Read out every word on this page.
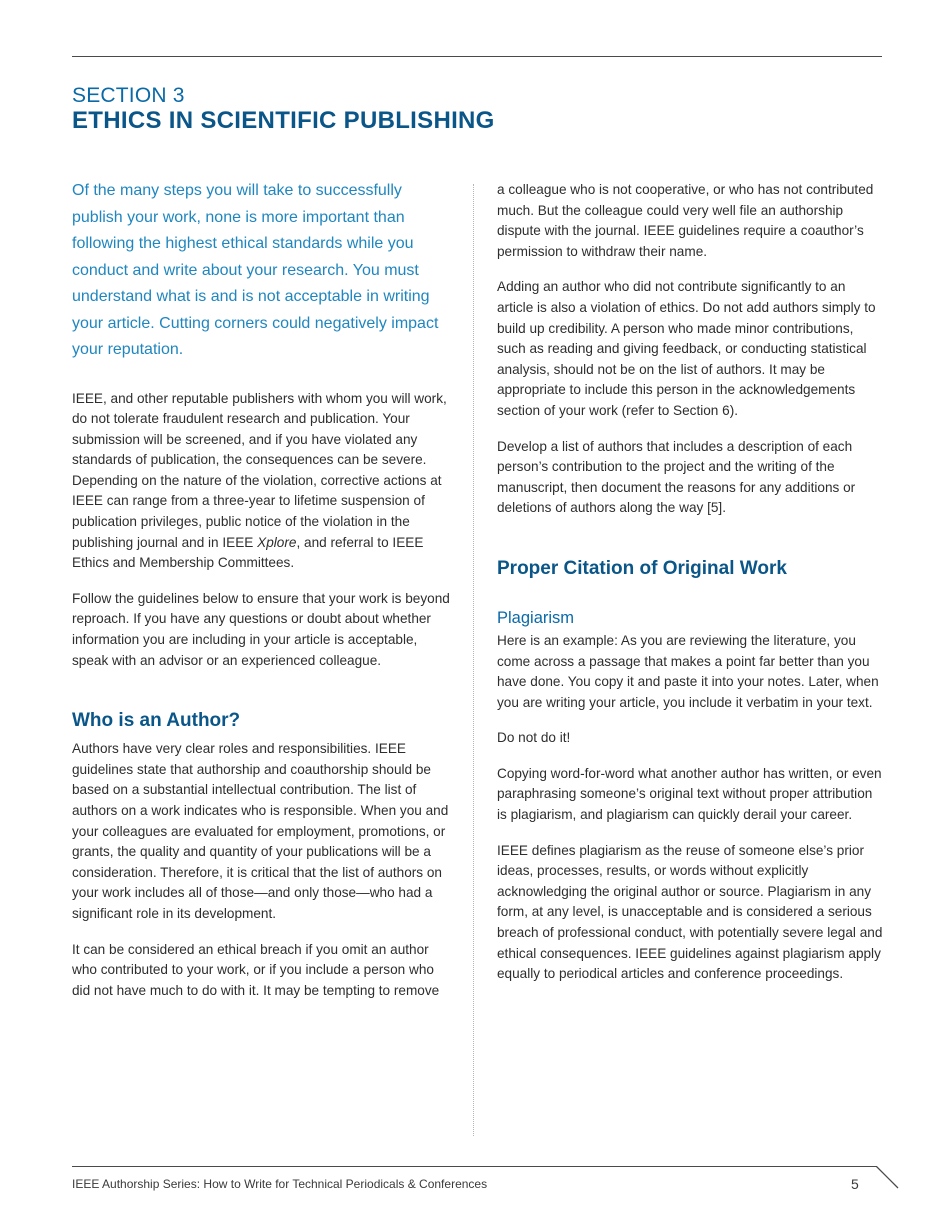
SECTION 3
ETHICS IN SCIENTIFIC PUBLISHING

Of the many steps you will take to successfully publish your work, none is more important than following the highest ethical standards while you conduct and write about your research. You must understand what is and is not acceptable in writing your article. Cutting corners could negatively impact your reputation.

IEEE, and other reputable publishers with whom you will work, do not tolerate fraudulent research and publication. Your submission will be screened, and if you have violated any standards of publication, the consequences can be severe. Depending on the nature of the violation, corrective actions at IEEE can range from a three-year to lifetime suspension of publication privileges, public notice of the violation in the publishing journal and in IEEE Xplore, and referral to IEEE Ethics and Membership Committees.

Follow the guidelines below to ensure that your work is beyond reproach. If you have any questions or doubt about whether information you are including in your article is acceptable, speak with an advisor or an experienced colleague.

Who is an Author?

Authors have very clear roles and responsibilities. IEEE guidelines state that authorship and coauthorship should be based on a substantial intellectual contribution. The list of authors on a work indicates who is responsible. When you and your colleagues are evaluated for employment, promotions, or grants, the quality and quantity of your publications will be a consideration. Therefore, it is critical that the list of authors on your work includes all of those—and only those—who had a significant role in its development.

It can be considered an ethical breach if you omit an author who contributed to your work, or if you include a person who did not have much to do with it. It may be tempting to remove

a colleague who is not cooperative, or who has not contributed much. But the colleague could very well file an authorship dispute with the journal. IEEE guidelines require a coauthor’s permission to withdraw their name.

Adding an author who did not contribute significantly to an article is also a violation of ethics. Do not add authors simply to build up credibility. A person who made minor contributions, such as reading and giving feedback, or conducting statistical analysis, should not be on the list of authors. It may be appropriate to include this person in the acknowledgements section of your work (refer to Section 6).

Develop a list of authors that includes a description of each person’s contribution to the project and the writing of the manuscript, then document the reasons for any additions or deletions of authors along the way [5].

Proper Citation of Original Work
Plagiarism

Here is an example: As you are reviewing the literature, you come across a passage that makes a point far better than you have done. You copy it and paste it into your notes. Later, when you are writing your article, you include it verbatim in your text.

Do not do it!

Copying word-for-word what another author has written, or even paraphrasing someone’s original text without proper attribution is plagiarism, and plagiarism can quickly derail your career.

IEEE defines plagiarism as the reuse of someone else’s prior ideas, processes, results, or words without explicitly acknowledging the original author or source. Plagiarism in any form, at any level, is unacceptable and is considered a serious breach of professional conduct, with potentially severe legal and ethical consequences. IEEE guidelines against plagiarism apply equally to periodical articles and conference proceedings.

IEEE Authorship Series: How to Write for Technical Periodicals & Conferences	5
